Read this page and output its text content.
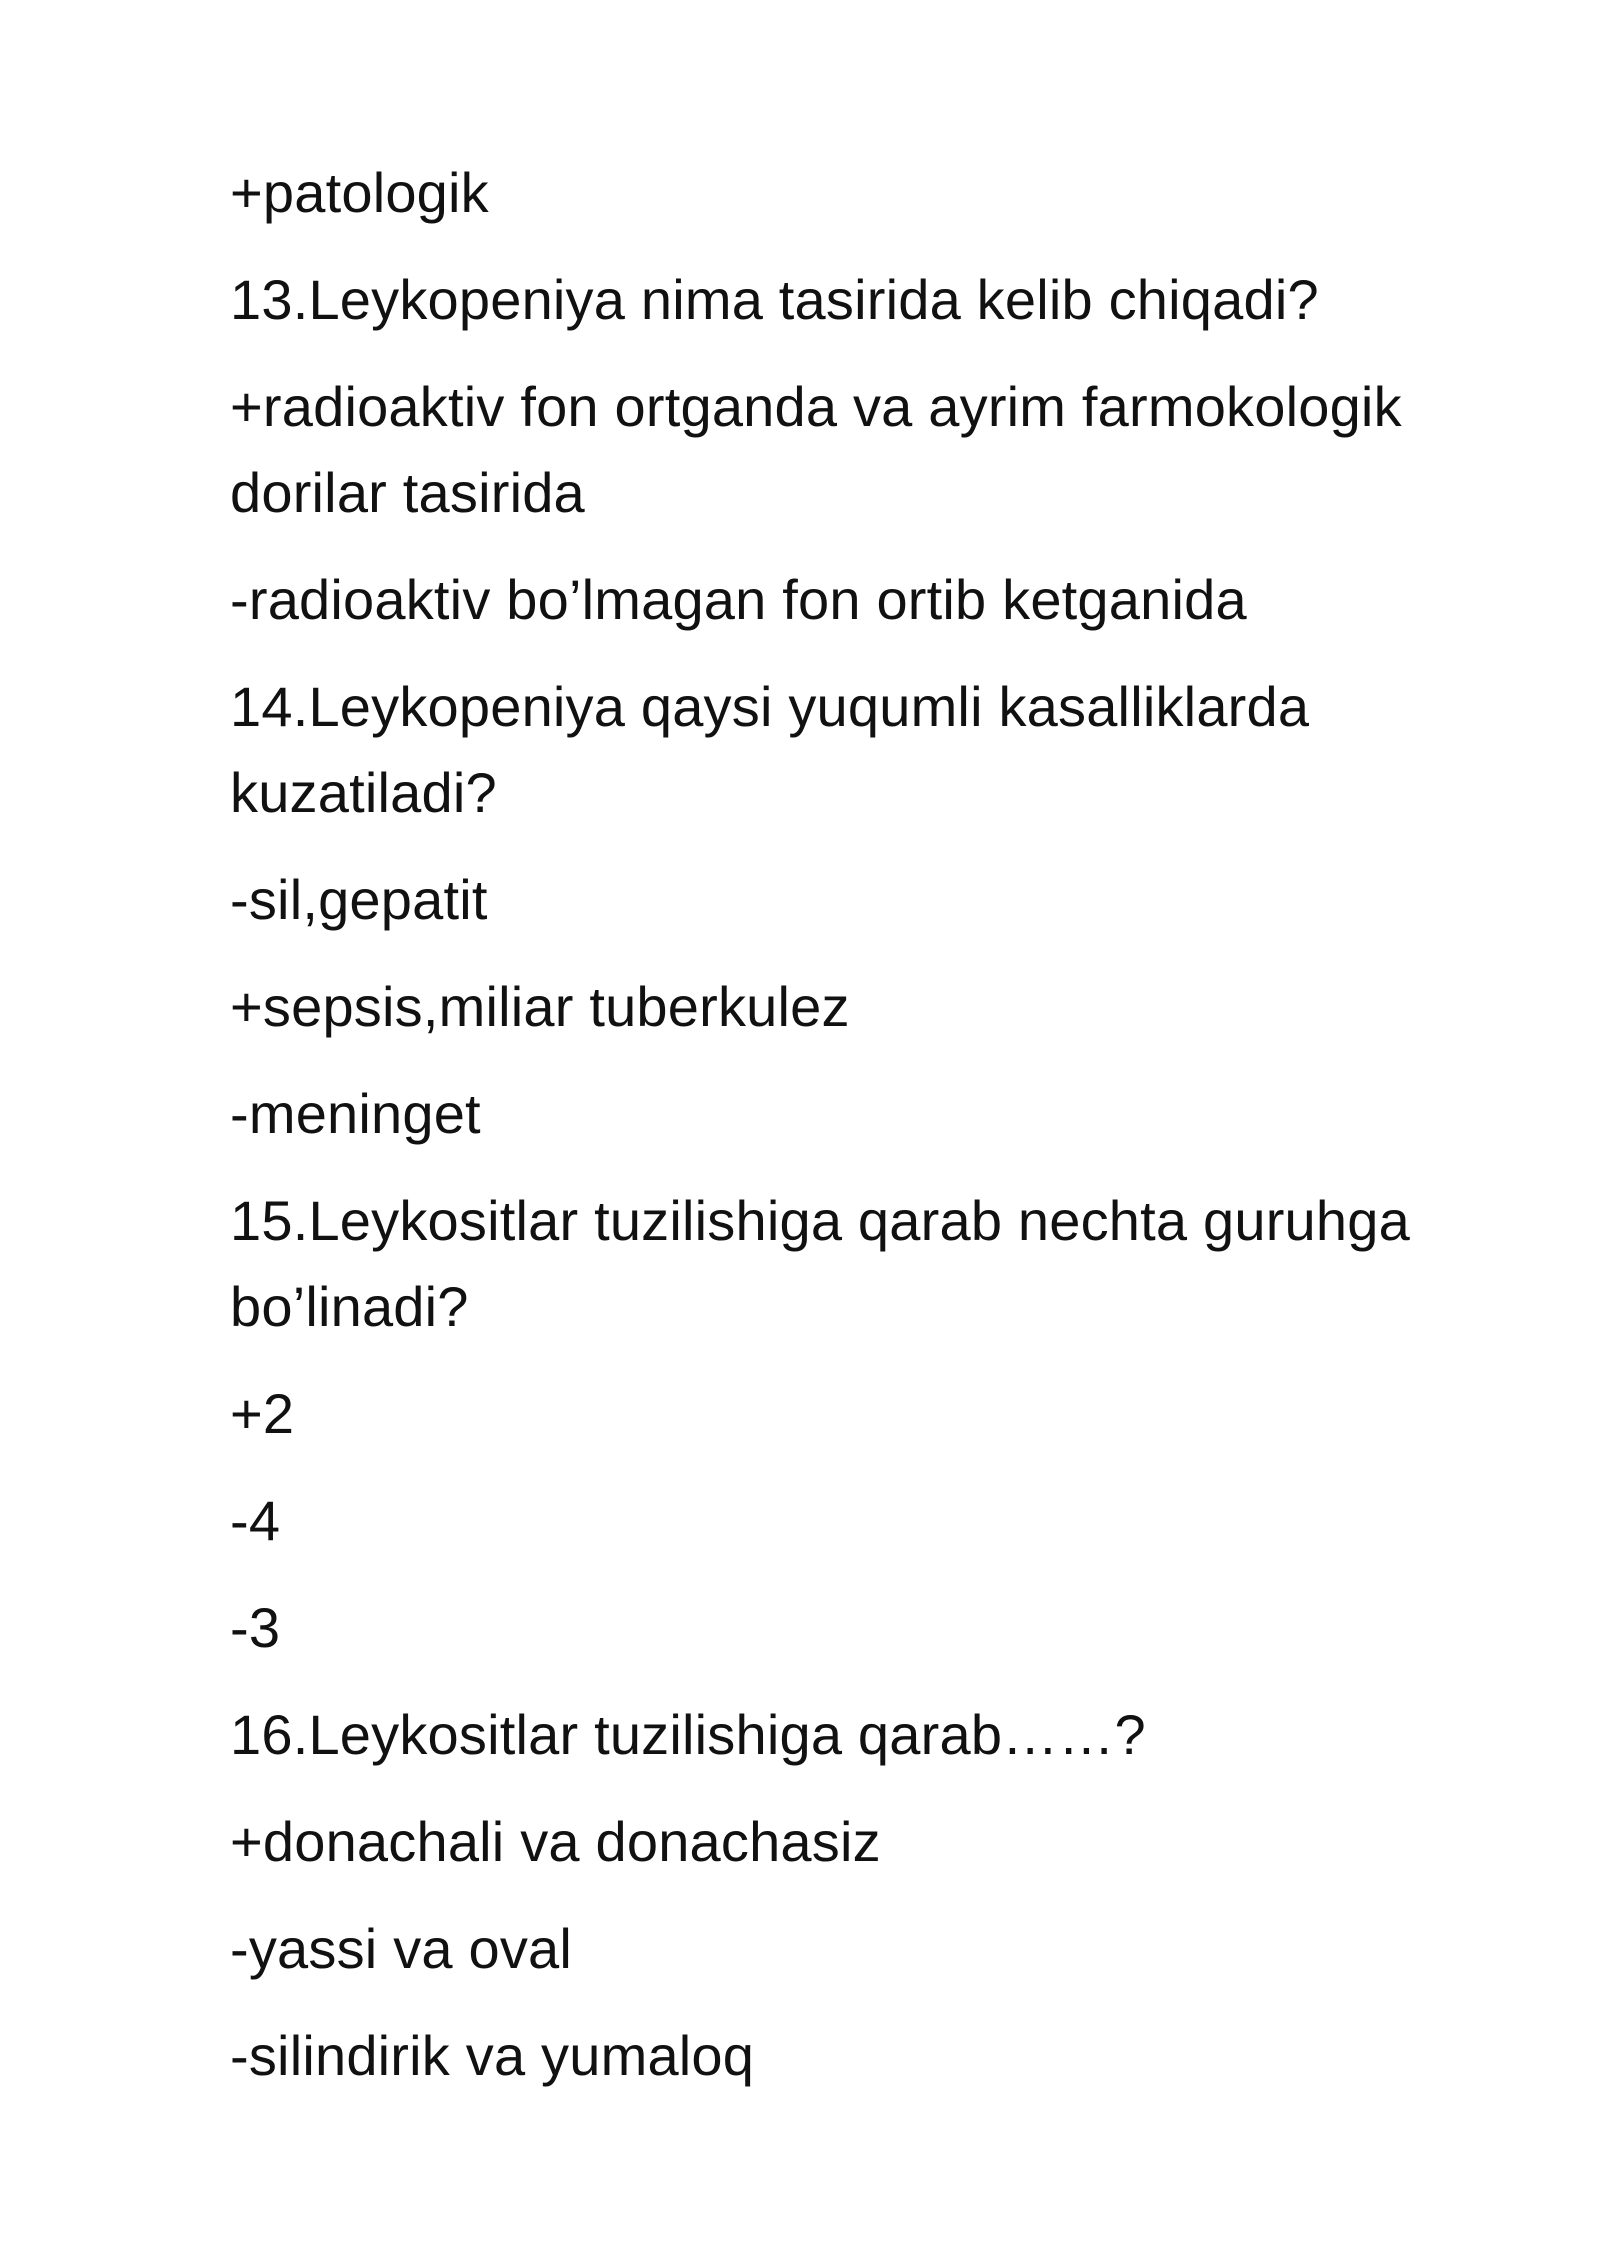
+patologik

13.Leykopeniya nima tasirida kelib chiqadi?

+radioaktiv fon ortganda va ayrim farmokologik dorilar tasirida

-radioaktiv bo’lmagan fon ortib ketganida

14.Leykopeniya qaysi yuqumli kasalliklarda kuzatiladi?

-sil,gepatit

+sepsis,miliar tuberkulez

-meninget

15.Leykositlar tuzilishiga qarab nechta guruhga bo’linadi?

+2

-4

-3

16.Leykositlar tuzilishiga qarab……?

+donachali va donachasiz

-yassi va oval

-silindirik va yumaloq
